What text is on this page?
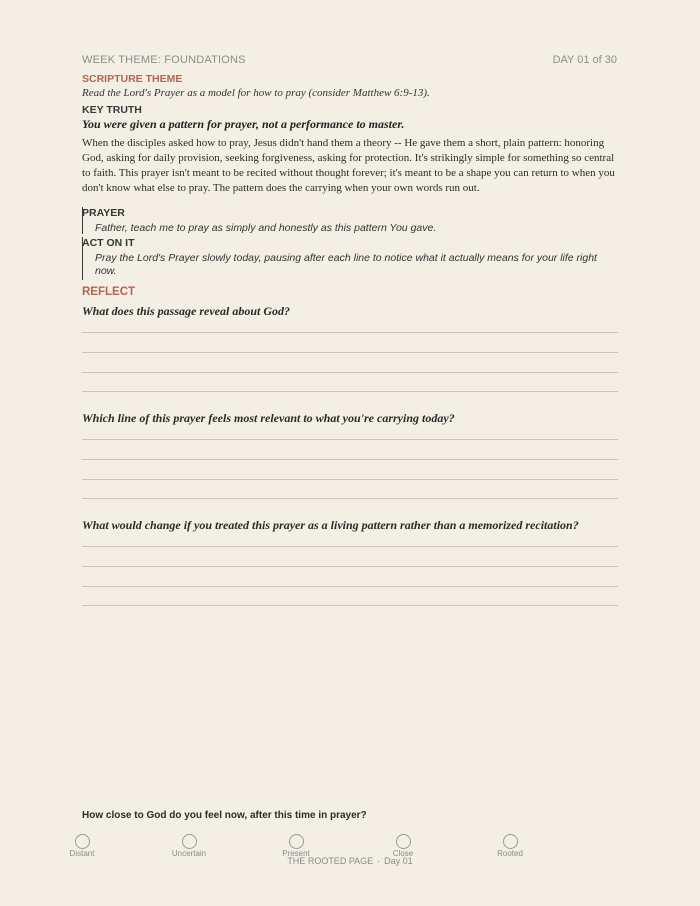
WEEK THEME: FOUNDATIONS	DAY 01 of 30
SCRIPTURE THEME
Read the Lord's Prayer as a model for how to pray (consider Matthew 6:9-13).
KEY TRUTH
You were given a pattern for prayer, not a performance to master.
When the disciples asked how to pray, Jesus didn't hand them a theory -- He gave them a short, plain pattern: honoring God, asking for daily provision, seeking forgiveness, asking for protection. It's strikingly simple for something so central to faith. This prayer isn't meant to be recited without thought forever; it's meant to be a shape you can return to when you don't know what else to pray. The pattern does the carrying when your own words run out.
PRAYER
Father, teach me to pray as simply and honestly as this pattern You gave.
ACT ON IT
Pray the Lord's Prayer slowly today, pausing after each line to notice what it actually means for your life right now.
REFLECT
What does this passage reveal about God?
Which line of this prayer feels most relevant to what you're carrying today?
What would change if you treated this prayer as a living pattern rather than a memorized recitation?
How close to God do you feel now, after this time in prayer?
Distant	Uncertain	Present	Close	Rooted
THE ROOTED PAGE · Day 01
